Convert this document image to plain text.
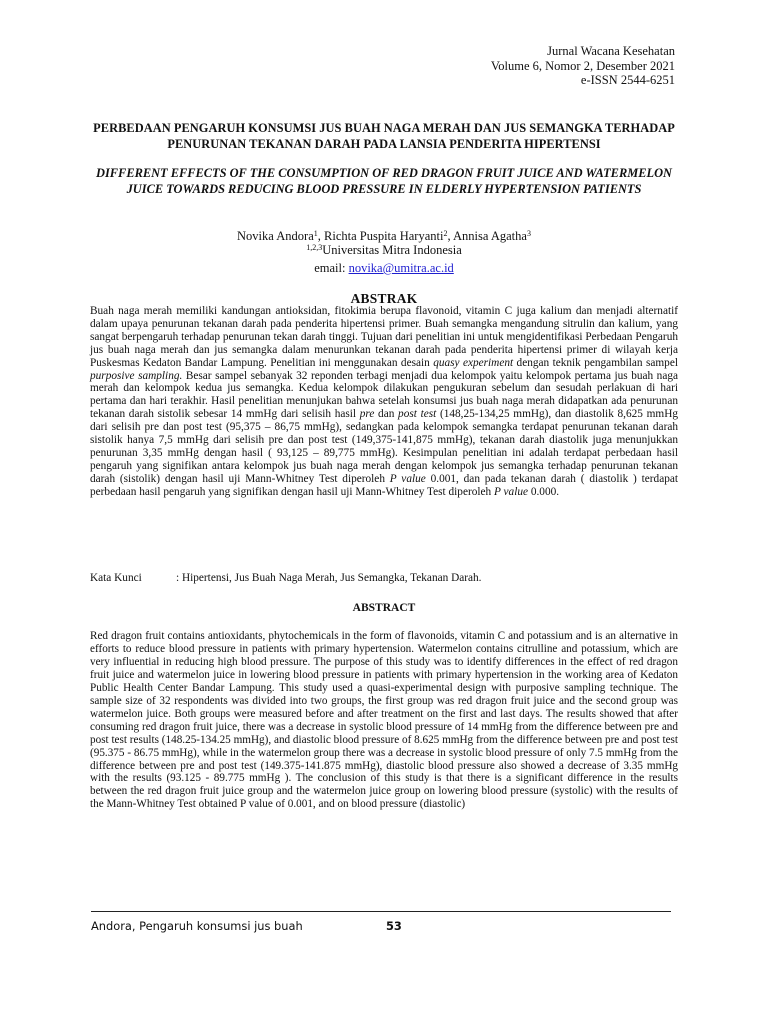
Jurnal Wacana Kesehatan
Volume 6, Nomor 2, Desember 2021
e-ISSN 2544-6251
PERBEDAAN PENGARUH KONSUMSI JUS BUAH NAGA MERAH DAN JUS SEMANGKA TERHADAP PENURUNAN TEKANAN DARAH PADA LANSIA PENDERITA HIPERTENSI
DIFFERENT EFFECTS OF THE CONSUMPTION OF RED DRAGON FRUIT JUICE AND WATERMELON JUICE TOWARDS REDUCING BLOOD PRESSURE IN ELDERLY HYPERTENSION PATIENTS
Novika Andora$^1$, Richta Puspita Haryanti$^2$, Annisa Agatha$^3$
$^{1,2,3}$Universitas Mitra Indonesia
email: novika@umitra.ac.id
ABSTRAK
Buah naga merah memiliki kandungan antioksidan, fitokimia berupa flavonoid, vitamin C juga kalium dan menjadi alternatif dalam upaya penurunan tekanan darah pada penderita hipertensi primer. Buah semangka mengandung sitrulin dan kalium, yang sangat berpengaruh terhadap penurunan tekan darah tinggi. Tujuan dari penelitian ini untuk mengidentifikasi Perbedaan Pengaruh jus buah naga merah dan jus semangka dalam menurunkan tekanan darah pada penderita hipertensi primer di wilayah kerja Puskesmas Kedaton Bandar Lampung. Penelitian ini menggunakan desain quasy experiment dengan teknik pengambilan sampel purposive sampling. Besar sampel sebanyak 32 reponden terbagi menjadi dua kelompok yaitu kelompok pertama jus buah naga merah dan kelompok kedua jus semangka. Kedua kelompok dilakukan pengukuran sebelum dan sesudah perlakuan di hari pertama dan hari terakhir. Hasil penelitian menunjukan bahwa setelah konsumsi jus buah naga merah didapatkan ada penurunan tekanan darah sistolik sebesar 14 mmHg dari selisih hasil pre dan post test (148,25-134,25 mmHg), dan diastolik 8,625 mmHg dari selisih pre dan post test (95,375 – 86,75 mmHg), sedangkan pada kelompok semangka terdapat penurunan tekanan darah sistolik hanya 7,5 mmHg dari selisih pre dan post test (149,375-141,875 mmHg), tekanan darah diastolik juga menunjukkan penurunan 3,35 mmHg dengan hasil ( 93,125 – 89,775 mmHg). Kesimpulan penelitian ini adalah terdapat perbedaan hasil pengaruh yang signifikan antara kelompok jus buah naga merah dengan kelompok jus semangka terhadap penurunan tekanan darah (sistolik) dengan hasil uji Mann-Whitney Test diperoleh P value 0.001, dan pada tekanan darah ( diastolik ) terdapat perbedaan hasil pengaruh yang signifikan dengan hasil uji Mann-Whitney Test diperoleh P value 0.000.
Kata Kunci	: Hipertensi, Jus Buah Naga Merah, Jus Semangka, Tekanan Darah.
ABSTRACT
Red dragon fruit contains antioxidants, phytochemicals in the form of flavonoids, vitamin C and potassium and is an alternative in efforts to reduce blood pressure in patients with primary hypertension. Watermelon contains citrulline and potassium, which are very influential in reducing high blood pressure. The purpose of this study was to identify differences in the effect of red dragon fruit juice and watermelon juice in lowering blood pressure in patients with primary hypertension in the working area of Kedaton Public Health Center Bandar Lampung. This study used a quasi-experimental design with purposive sampling technique. The sample size of 32 respondents was divided into two groups, the first group was red dragon fruit juice and the second group was watermelon juice. Both groups were measured before and after treatment on the first and last days. The results showed that after consuming red dragon fruit juice, there was a decrease in systolic blood pressure of 14 mmHg from the difference between pre and post test results (148.25-134.25 mmHg), and diastolic blood pressure of 8.625 mmHg from the difference between pre and post test (95.375 - 86.75 mmHg), while in the watermelon group there was a decrease in systolic blood pressure of only 7.5 mmHg from the difference between pre and post test (149.375-141.875 mmHg), diastolic blood pressure also showed a decrease of 3.35 mmHg with the results (93.125 - 89.775 mmHg ). The conclusion of this study is that there is a significant difference in the results between the red dragon fruit juice group and the watermelon juice group on lowering blood pressure (systolic) with the results of the Mann-Whitney Test obtained P value of 0.001, and on blood pressure (diastolic)
Andora, Pengaruh konsumsi jus buah	53
